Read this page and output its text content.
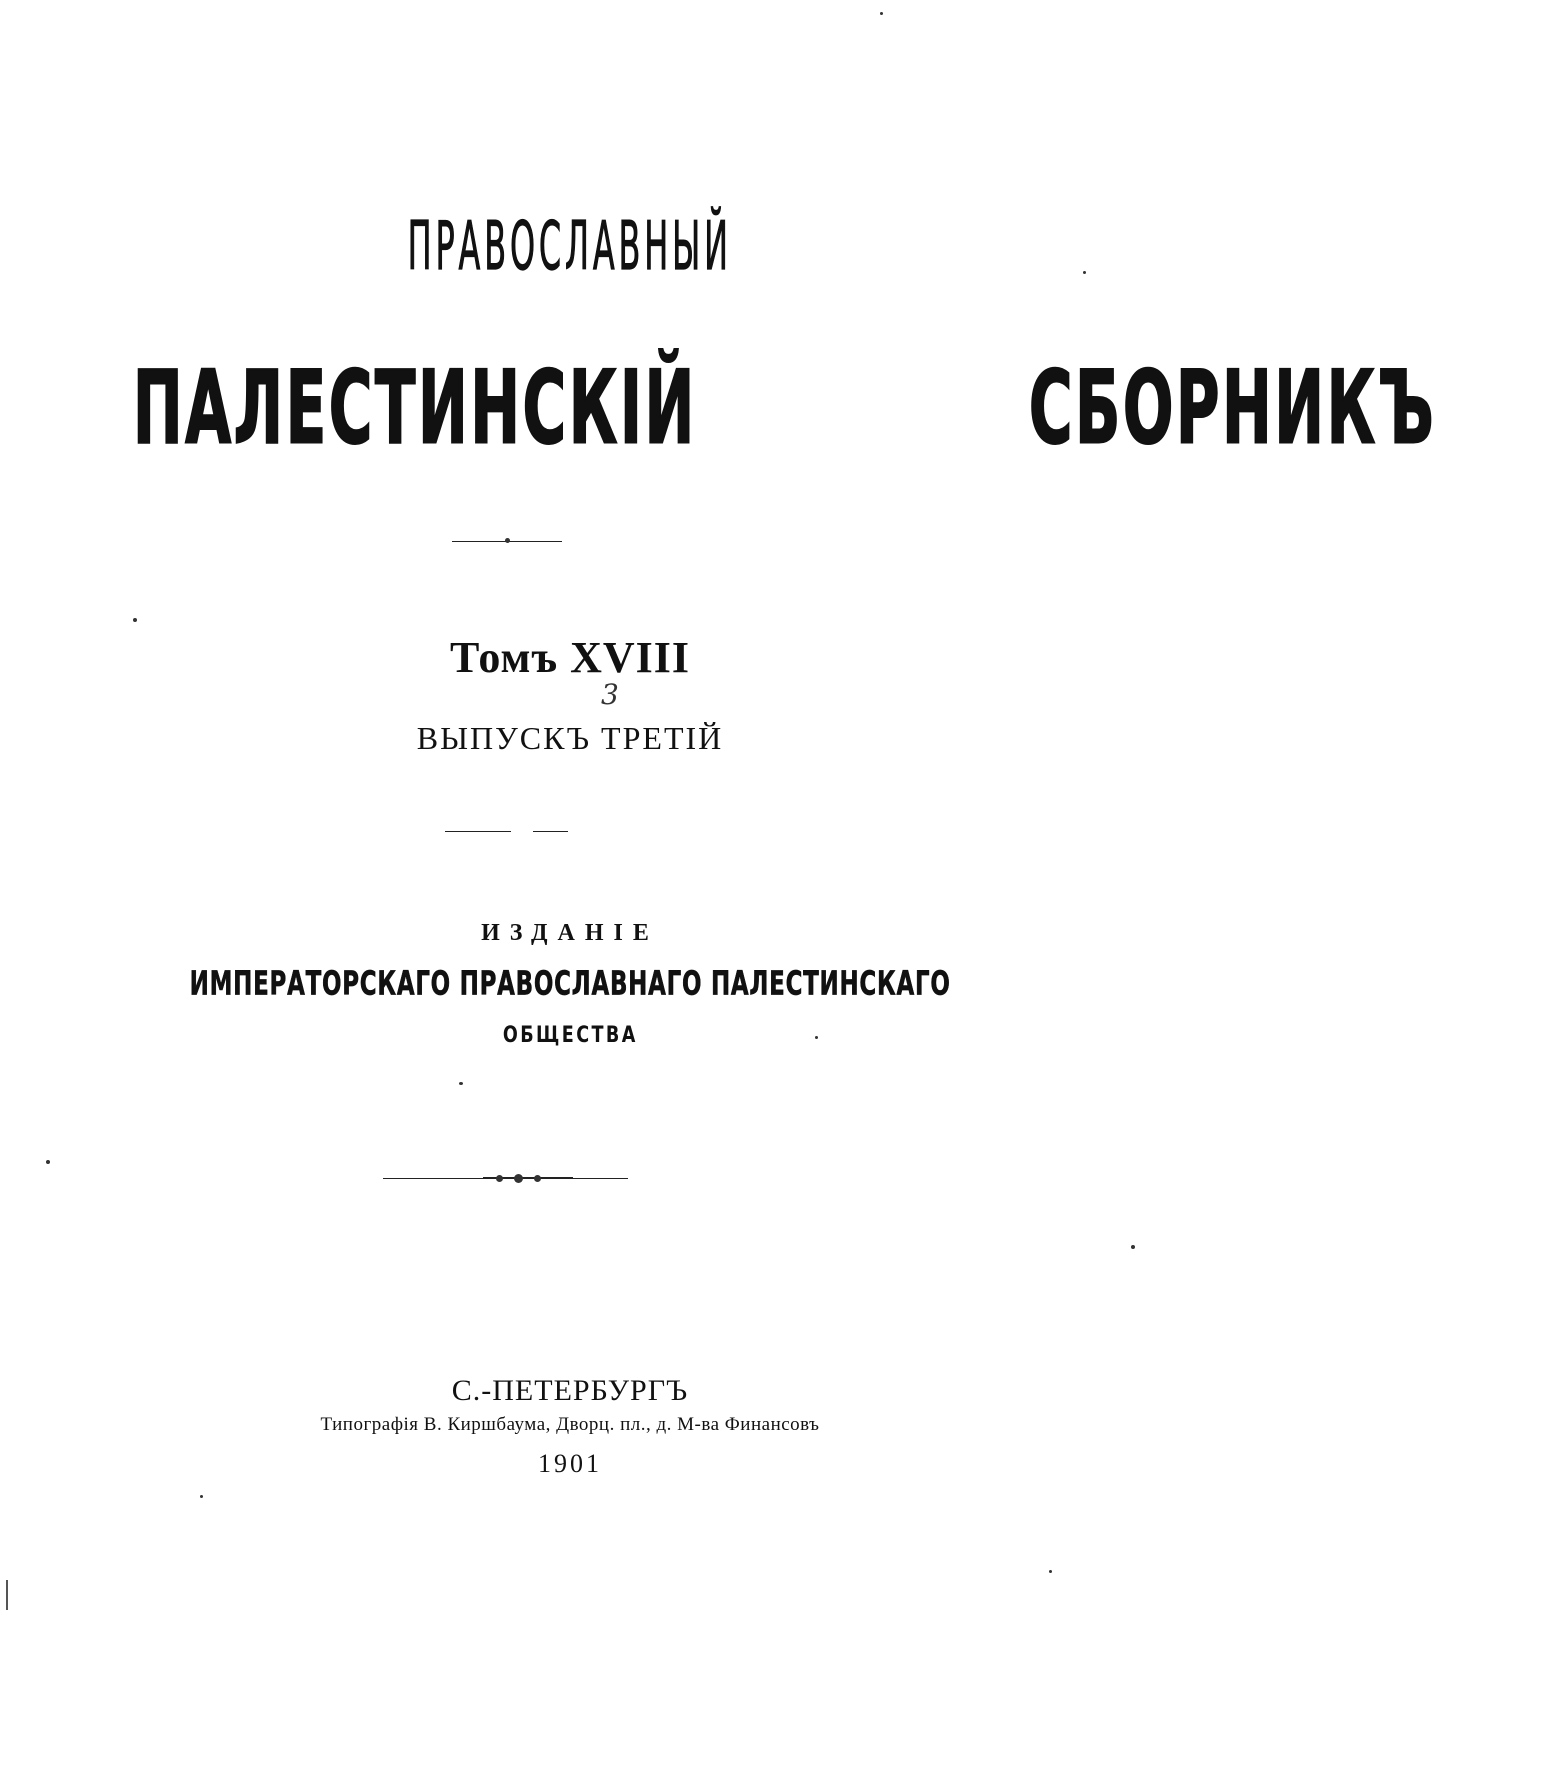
ПРАВОСЛАВНЫЙ
ПАЛЕСТИНСКІЙ	СБОРНИКЪ
Томъ XVIII
3
ВЫПУСКЪ ТРЕТІЙ
ИЗДАНІЕ
ИМПЕРАТОРСКАГО ПРАВОСЛАВНАГО ПАЛЕСТИНСКАГО
ОБЩЕСТВА
С.-ПЕТЕРБУРГЪ
Типографія В. Киршбаума, Дворц. пл., д. М-ва Финансовъ
1901
